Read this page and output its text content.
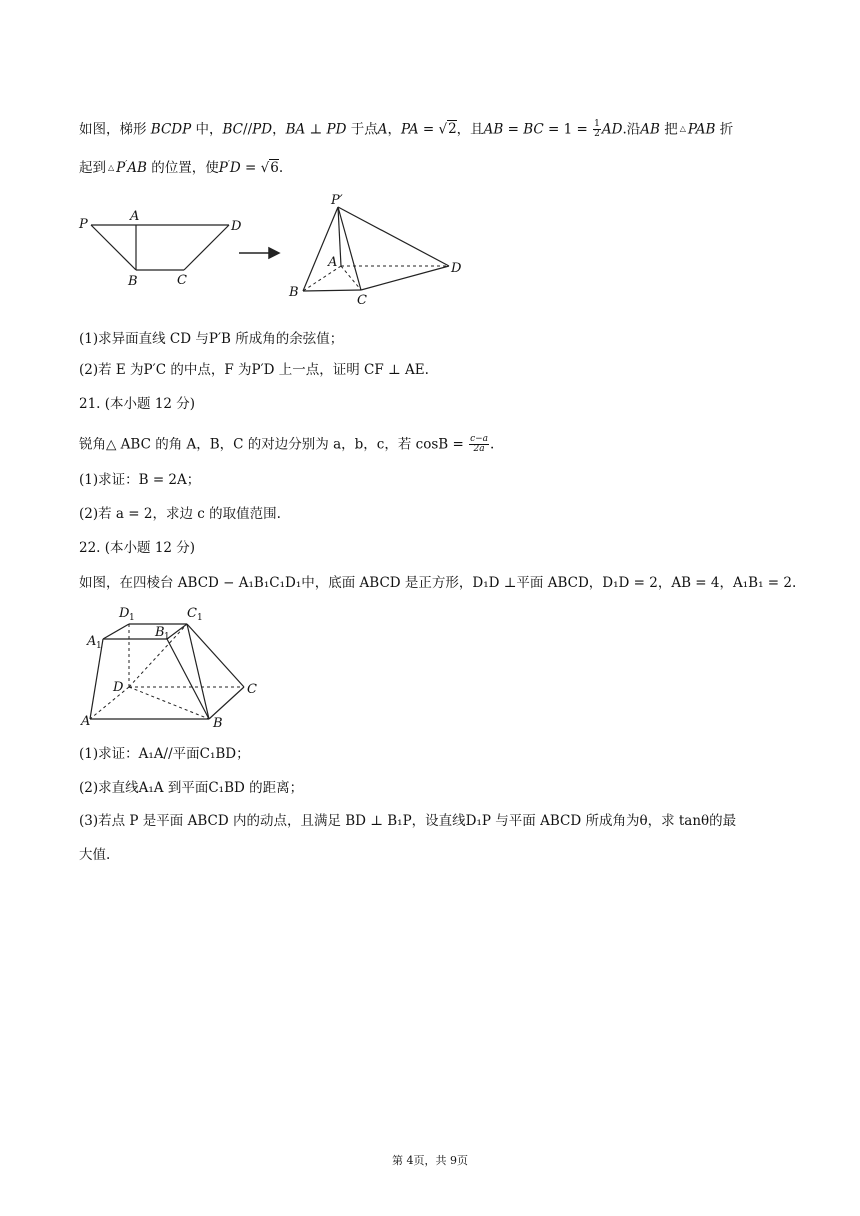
如图，梯形 BCDP 中，BC//PD，BA ⊥ PD 于点A，PA = √2，且AB = BC = $1 = \frac{1}{2}$ AD.沿AB 把 △ PAB 折
起到 △ P′AB 的位置，使P′D = √6.
P
A
D
B	C
P′
A	D
B
C
(1)求异面直线 CD 与P′B 所成角的余弦值；
(2)若 E 为P′C 的中点，F 为P′D 上一点，证明 CF ⊥ AE.
21. (本小题 12 分)
锐角△ ABC 的角 A，B，C 的对边分别为 a，b，c，若 $\cos B = \frac{c-a}{2a}$ .
(1)求证：B = 2A；
(2)若 a = 2，求边 c 的取值范围.
22. (本小题 12 分)
如图，在四棱台 ABCD − A₁B₁C₁D₁中，底面 ABCD 是正方形，D₁D ⊥平面 ABCD，D₁D = 2，AB = 4，A₁B₁ = 2.
D 1	C 1
B 1
A 1
D	C
A	B
(1)求证：A₁A//平面C₁BD；
(2)求直线A₁A 到平面C₁BD 的距离；
(3)若点 P 是平面 ABCD 内的动点，且满足 BD ⊥ B₁P，设直线D₁P 与平面 ABCD 所成角为θ，求 tanθ的最
大值.
第 4页，共 9页
